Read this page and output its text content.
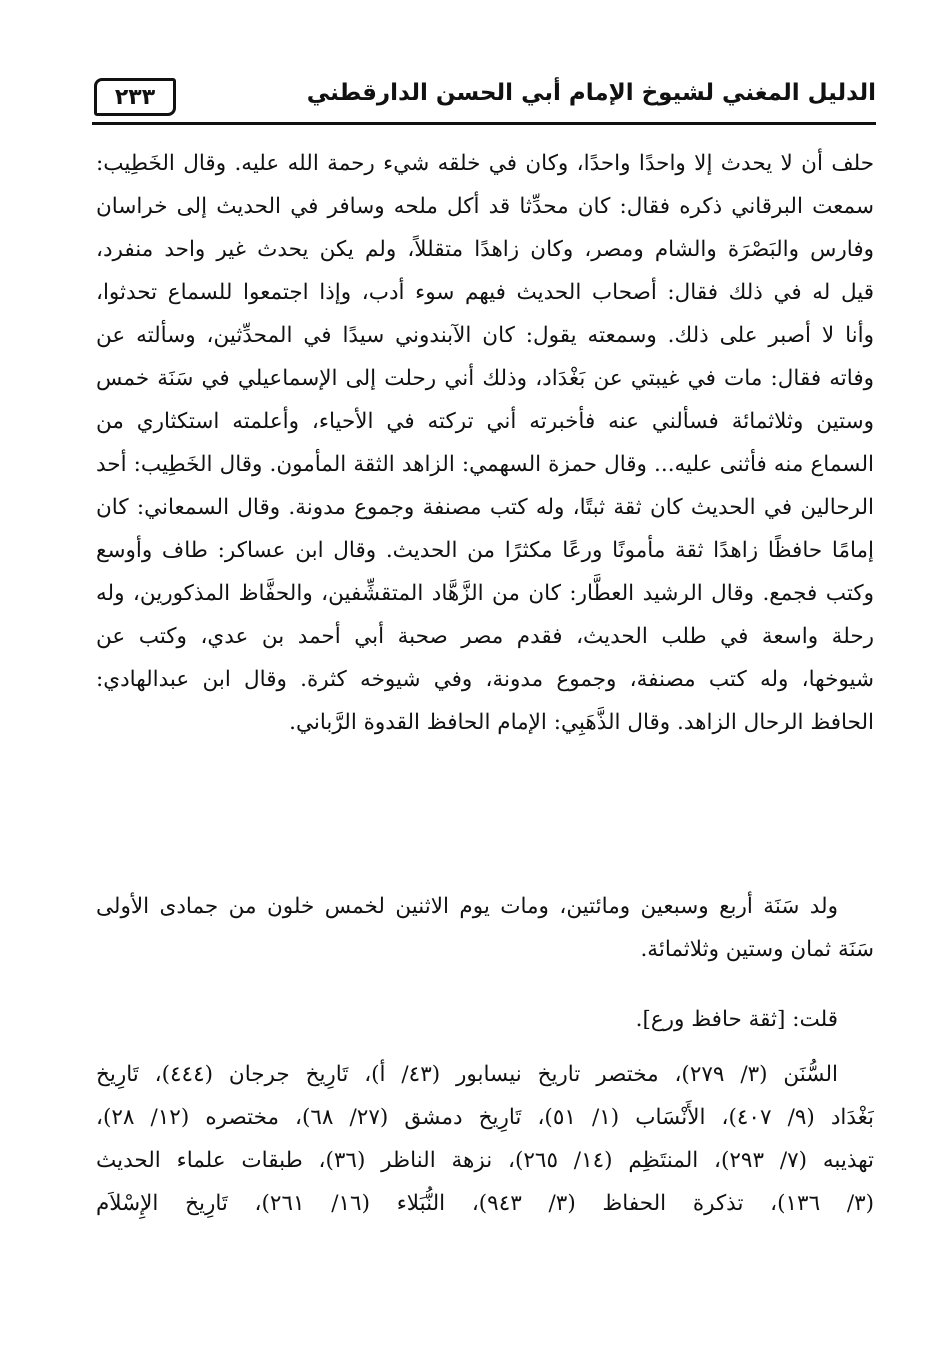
الدليل المغني لشيوخ الإمام أبي الحسن الدارقطني
٢٣٣
حلف أن لا يحدث إلا واحدًا واحدًا، وكان في خلقه شيء رحمة الله عليه. وقال الخَطِيب:
سمعت البرقاني ذكره فقال: كان محدِّثا قد أكل ملحه وسافر في الحديث إلى خراسان
وفارس والبَصْرَة والشام ومصر، وكان زاهدًا متقللاً، ولم يكن يحدث غير واحد منفرد،
قيل له في ذلك فقال: أصحاب الحديث فيهم سوء أدب، وإذا اجتمعوا للسماع تحدثوا،
وأنا لا أصبر على ذلك. وسمعته يقول: كان الآبندوني سيدًا في المحدِّثين، وسألته عن
وفاته فقال: مات في غيبتي عن بَغْدَاد، وذلك أني رحلت إلى الإسماعيلي في سَنَة خمس
وستين وثلاثمائة فسألني عنه فأخبرته أني تركته في الأحياء، وأعلمته استكثاري من
السماع منه فأثنى عليه... وقال حمزة السهمي: الزاهد الثقة المأمون. وقال الخَطِيب: أحد
الرحالين في الحديث كان ثقة ثبتًا، وله كتب مصنفة وجموع مدونة. وقال السمعاني: كان
إمامًا حافظًا زاهدًا ثقة مأمونًا ورعًا مكثرًا من الحديث. وقال ابن عساكر: طاف وأوسع
وكتب فجمع. وقال الرشيد العطَّار: كان من الزَّهَّاد المتقشِّفين، والحفَّاظ المذكورين، وله
رحلة واسعة في طلب الحديث، فقدم مصر صحبة أبي أحمد بن عدي، وكتب عن
شيوخها، وله كتب مصنفة، وجموع مدونة، وفي شيوخه كثرة. وقال ابن عبدالهادي:
الحافظ الرحال الزاهد. وقال الذَّهَبِي: الإمام الحافظ القدوة الرَّباني.
ولد سَنَة أربع وسبعين ومائتين، ومات يوم الاثنين لخمس خلون من جمادى الأولى
سَنَة ثمان وستين وثلاثمائة.
قلت: [ثقة حافظ ورع].
السُّنَن (٣/ ٢٧٩)، مختصر تاريخ نيسابور (٤٣/ أ)، تَارِيخ جرجان (٤٤٤)، تَارِيخ
بَغْدَاد (٩/ ٤٠٧)، الأَنْسَاب (١/ ٥١)، تَارِيخ دمشق (٢٧/ ٦٨)، مختصره (١٢/ ٢٨)،
تهذيبه (٧/ ٢٩٣)، المنتَظِم (١٤/ ٢٦٥)، نزهة الناظر (٣٦)، طبقات علماء الحديث
(٣/ ١٣٦)، تذكرة الحفاظ (٣/ ٩٤٣)، النُّبَلاء (١٦/ ٢٦١)، تَارِيخ الإِسْلاَم
